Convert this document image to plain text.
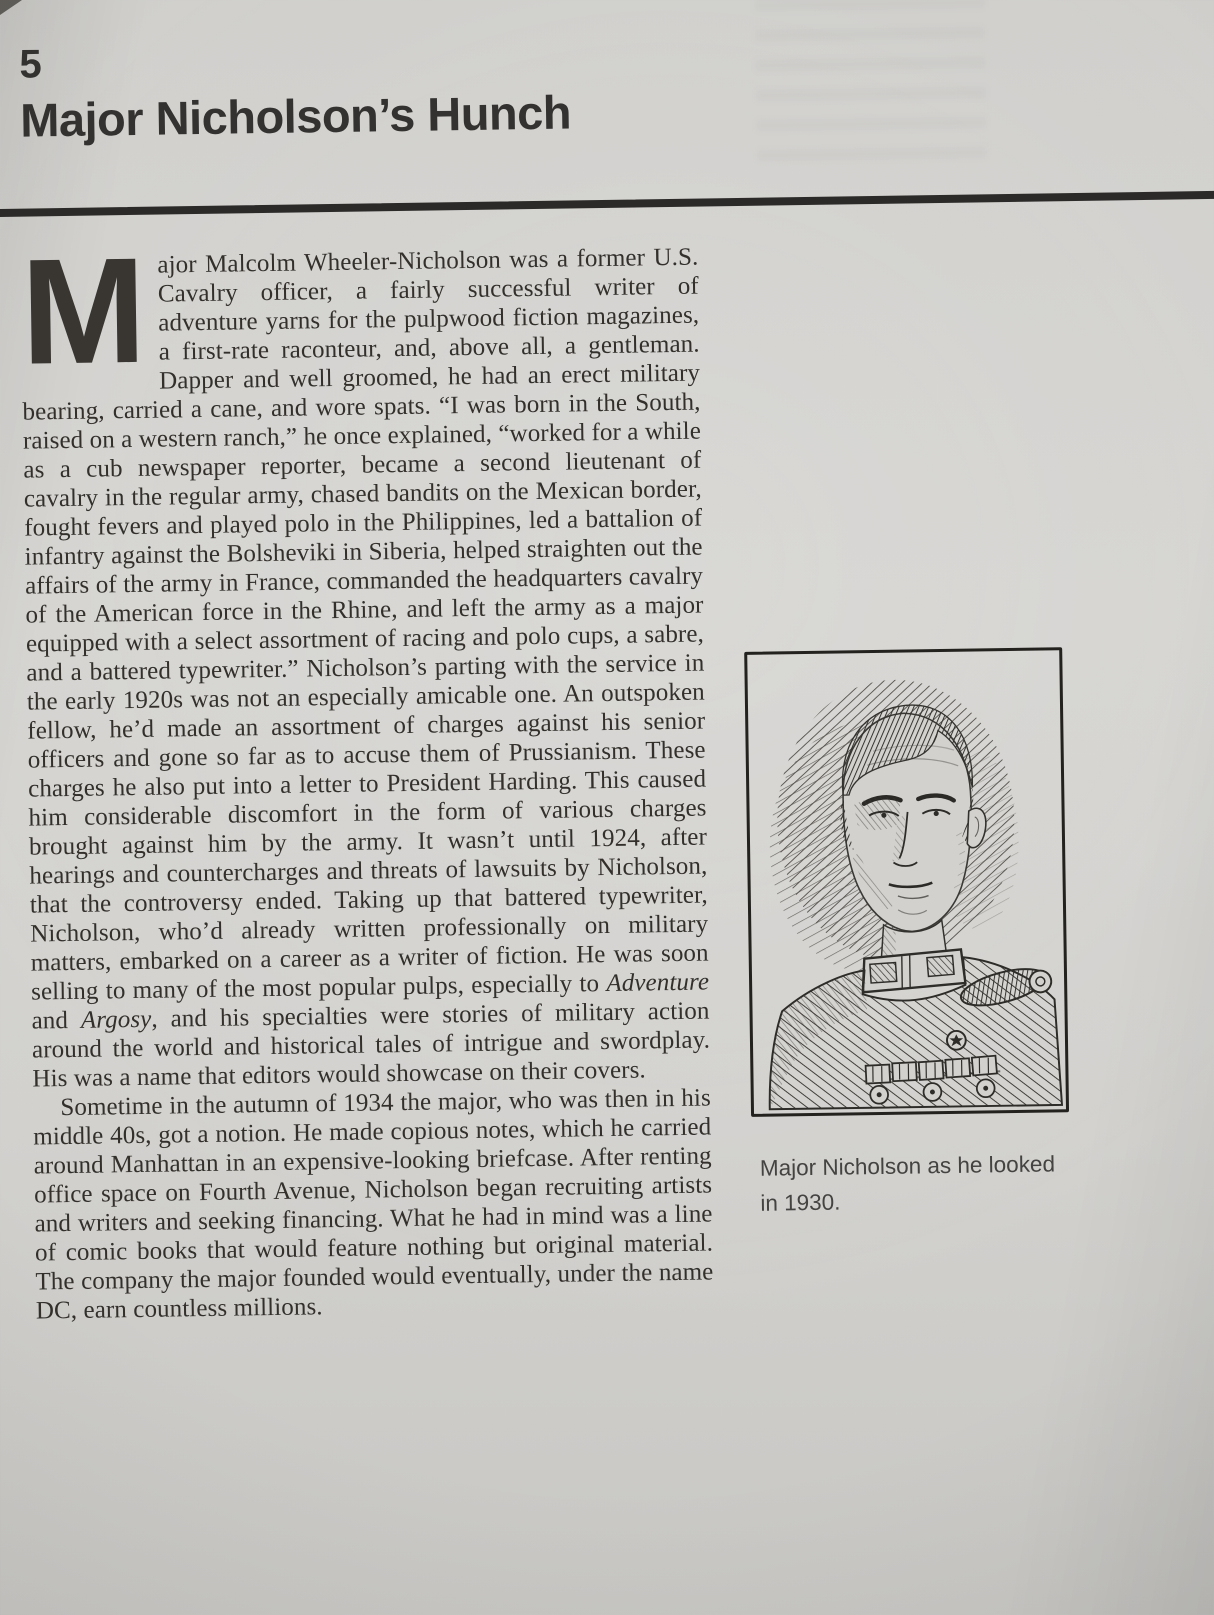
5
Major Nicholson’s Hunch

Major Malcolm Wheeler-Nicholson was a former U.S. Cavalry officer, a fairly successful writer of adventure yarns for the pulpwood fiction magazines, a first-rate raconteur, and, above all, a gentleman. Dapper and well groomed, he had an erect military bearing, carried a cane, and wore spats. “I was born in the South, raised on a western ranch,” he once explained, “worked for a while as a cub newspaper reporter, became a second lieutenant of cavalry in the regular army, chased bandits on the Mexican border, fought fevers and played polo in the Philippines, led a battalion of infantry against the Bolsheviki in Siberia, helped straighten out the affairs of the army in France, commanded the headquarters cavalry of the American force in the Rhine, and left the army as a major equipped with a select assortment of racing and polo cups, a sabre, and a battered typewriter.” Nicholson’s parting with the service in the early 1920s was not an especially amicable one. An outspoken fellow, he’d made an assortment of charges against his senior officers and gone so far as to accuse them of Prussianism. These charges he also put into a letter to President Harding. This caused him considerable discomfort in the form of various charges brought against him by the army. It wasn’t until 1924, after hearings and countercharges and threats of lawsuits by Nicholson, that the controversy ended. Taking up that battered typewriter, Nicholson, who’d already written professionally on military matters, embarked on a career as a writer of fiction. He was soon selling to many of the most popular pulps, especially to Adventure and Argosy, and his specialties were stories of military action around the world and historical tales of intrigue and swordplay. His was a name that editors would showcase on their covers.

Sometime in the autumn of 1934 the major, who was then in his middle 40s, got a notion. He made copious notes, which he carried around Manhattan in an expensive-looking briefcase. After renting office space on Fourth Avenue, Nicholson began recruiting artists and writers and seeking financing. What he had in mind was a line of comic books that would feature nothing but original material. The company the major founded would eventually, under the name DC, earn countless millions.

Major Nicholson as he looked in 1930.
